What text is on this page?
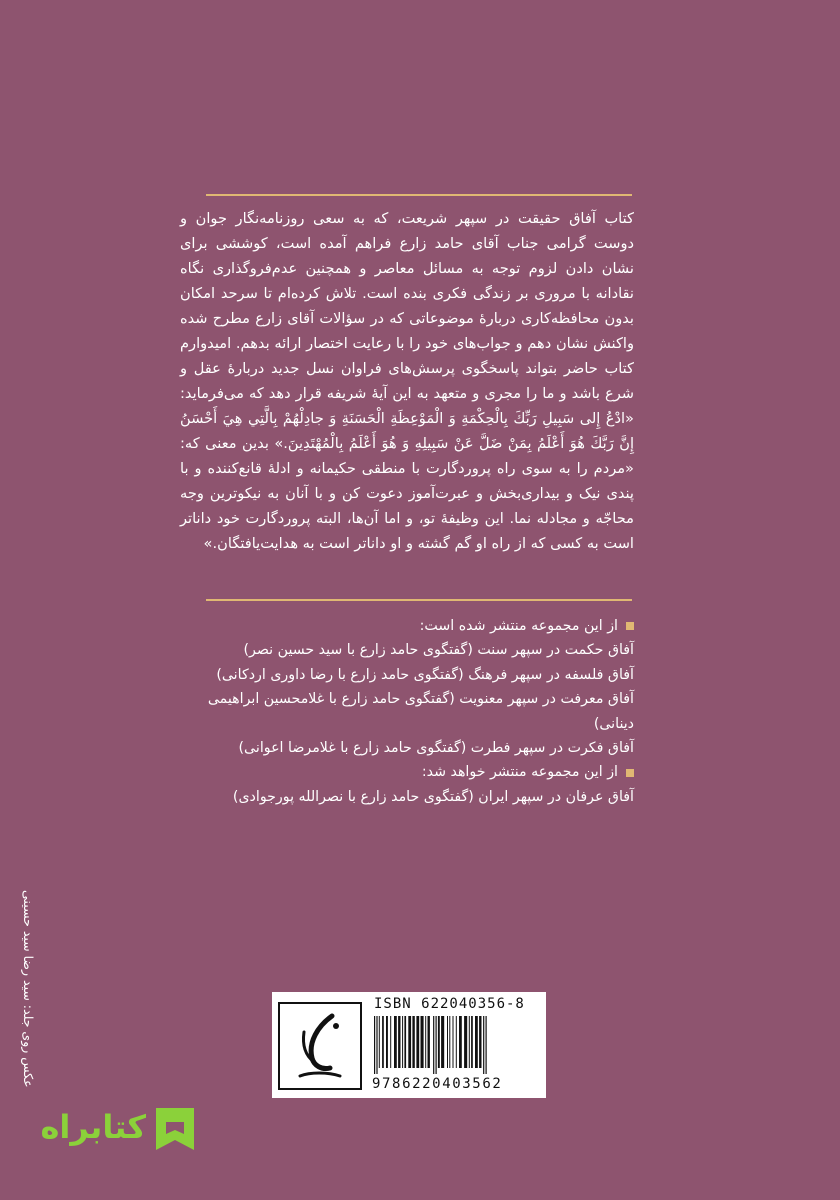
کتاب آفاق حقیقت در سپهر شریعت، که به سعی روزنامه‌نگار جوان و دوست گرامی جناب آقای حامد زارع فراهم آمده است، کوششی برای نشان دادن لزوم توجه به مسائل معاصر و همچنین عدم‌فروگذاری نگاه نقادانه با مروری بر زندگی فکری بنده است. تلاش کرده‌ام تا سرحد امکان بدون محافظه‌کاری دربارهٔ موضوعاتی که در سؤالات آقای زارع مطرح شده واکنش نشان دهم و جواب‌های خود را با رعایت اختصار ارائه بدهم. امیدوارم کتاب حاضر بتواند پاسخگوی پرسش‌های فراوان نسل جدید دربارهٔ عقل و شرع باشد و ما را مجری و متعهد به این آیهٔ شریفه قرار دهد که می‌فرماید: «ادْعُ إِلى‏ سَبِيلِ رَبِّكَ بِالْحِكْمَةِ وَ الْمَوْعِظَةِ الْحَسَنَةِ وَ جادِلْهُمْ بِالَّتِي هِيَ أَحْسَنُ إِنَّ رَبَّكَ هُوَ أَعْلَمُ بِمَنْ ضَلَّ عَنْ سَبِيلِهِ وَ هُوَ أَعْلَمُ بِالْمُهْتَدِينَ.» بدین معنی که: «مردم را به سوی راه پروردگارت با منطقی حکیمانه و ادلهٔ قانع‌کننده و با پندی نیک و بیداری‌بخش و عبرت‌آموز دعوت کن و با آنان به نیکوترین وجه محاجّه و مجادله نما. این وظیفهٔ تو، و اما آن‌ها، البته پروردگارت خود داناتر است به کسی که از راه او گم گشته و او داناتر است به هدایت‌یافتگان.»

از این مجموعه منتشر شده است:
آفاق حکمت در سپهر سنت (گفتگوی حامد زارع با سید حسین نصر)
آفاق فلسفه در سپهر فرهنگ (گفتگوی حامد زارع با رضا داوری اردکانی)
آفاق معرفت در سپهر معنویت (گفتگوی حامد زارع با غلامحسین ابراهیمی دینانی)
آفاق فکرت در سپهر فطرت (گفتگوی حامد زارع با غلامرضا اعوانی)
از این مجموعه منتشر خواهد شد:
آفاق عرفان در سپهر ایران (گفتگوی حامد زارع با نصرالله پورجوادی)
ISBN 622040356-8
9786220403562
عکس روی جلد: سید رضا سید حسینی
کتابراه
